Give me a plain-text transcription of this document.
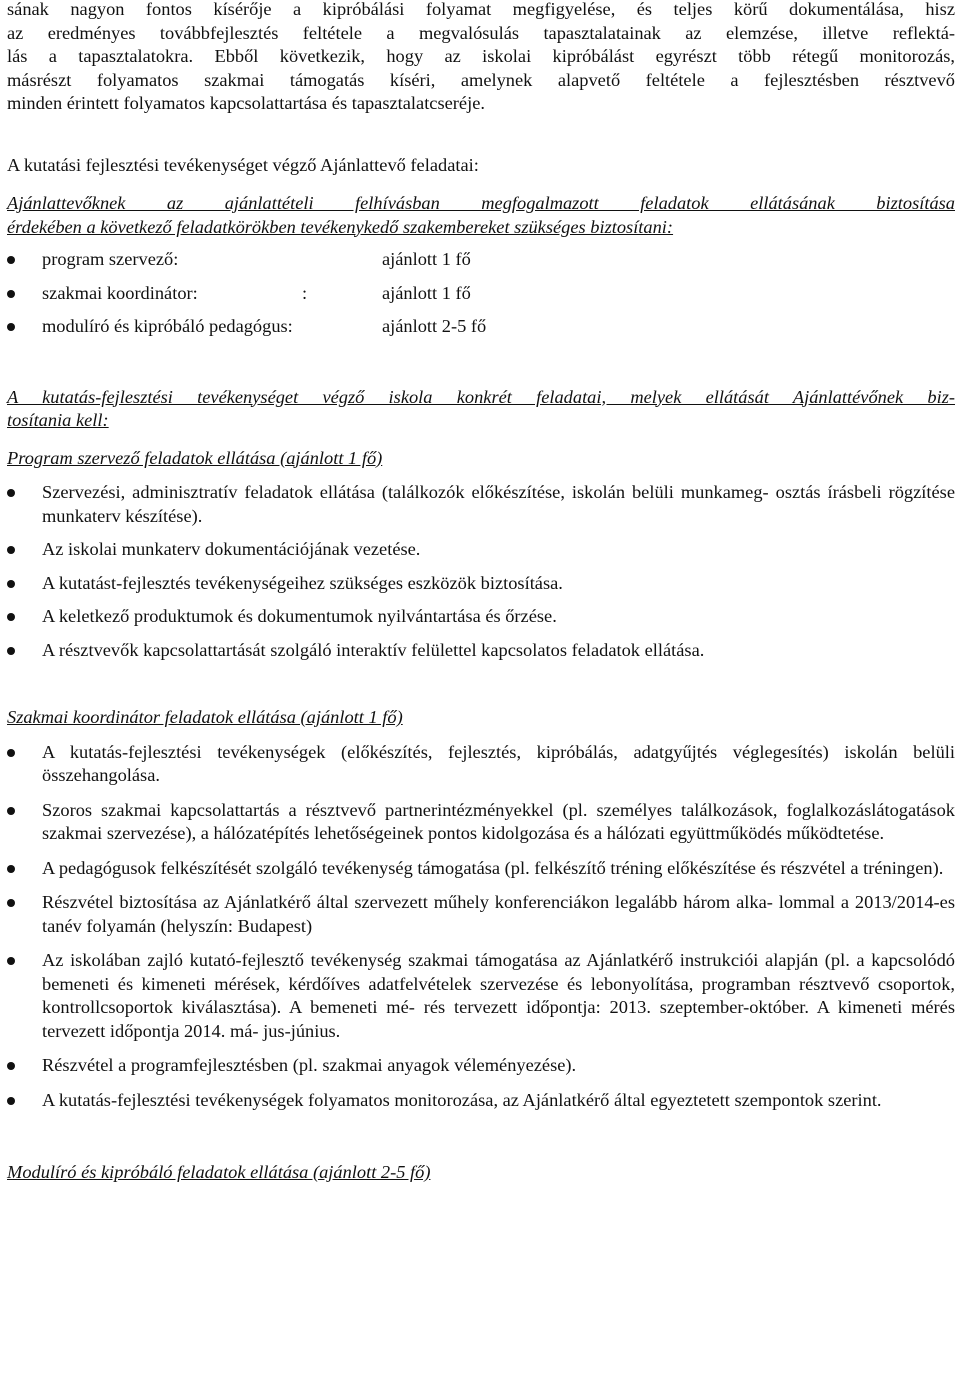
sának nagyon fontos kísérője a kipróbálási folyamat megfigyelése, és teljes körű dokumentálása, hisz

az eredményes továbbfejlesztés feltétele a megvalósulás tapasztalatainak az elemzése, illetve reflektá-

lás a tapasztalatokra. Ebből következik, hogy az iskolai kipróbálást egyrészt több rétegű monitorozás,

másrészt folyamatos szakmai támogatás kíséri, amelynek alapvető feltétele a fejlesztésben résztvevő

minden érintett folyamatos kapcsolattartása és tapasztalatcseréje.

A kutatási fejlesztési tevékenységet végző Ajánlattevő feladatai:

Ajánlattevőknek az ajánlattételi felhívásban megfogalmazott feladatok ellátásának biztosítása

érdekében a következő feladatkörökben tevékenykedő szakembereket szükséges biztosítani:

program szervező:	ajánlott 1 fő
szakmai koordinátor:	:	ajánlott 1 fő
modulíró és kipróbáló pedagógus:	ajánlott 2-5 fő

A kutatás-fejlesztési tevékenységet végző iskola konkrét feladatai, melyek ellátását Ajánlattévőnek biz-

tosítania kell:

Program szervező feladatok ellátása (ajánlott 1 fő)

Szervezési, adminisztratív feladatok ellátása (találkozók előkészítése, iskolán belüli munkameg- osztás írásbeli rögzítése munkaterv készítése).
Az iskolai munkaterv dokumentációjának vezetése.
A kutatást-fejlesztés tevékenységeihez szükséges eszközök biztosítása.
A keletkező produktumok és dokumentumok nyilvántartása és őrzése.
A résztvevők kapcsolattartását szolgáló interaktív felülettel kapcsolatos feladatok ellátása.

Szakmai koordinátor feladatok ellátása (ajánlott 1 fő)

A kutatás-fejlesztési tevékenységek (előkészítés, fejlesztés, kipróbálás, adatgyűjtés véglegesítés) iskolán belüli összehangolása.
Szoros szakmai kapcsolattartás a résztvevő partnerintézményekkel (pl. személyes találkozások, foglalkozáslátogatások szakmai szervezése), a hálózatépítés lehetőségeinek pontos kidolgozása és a hálózati együttműködés működtetése.
A pedagógusok felkészítését szolgáló tevékenység támogatása (pl. felkészítő tréning előkészítése és részvétel a tréningen).
Részvétel biztosítása az Ajánlatkérő által szervezett műhely konferenciákon legalább három alka- lommal a 2013/2014-es tanév folyamán (helyszín: Budapest)
Az iskolában zajló kutató-fejlesztő tevékenység szakmai támogatása az Ajánlatkérő instrukciói alapján (pl. a kapcsolódó bemeneti és kimeneti mérések, kérdőíves adatfelvételek szervezése és lebonyolítása, programban résztvevő csoportok, kontrollcsoportok kiválasztása). A bemeneti mé- rés tervezett időpontja: 2013. szeptember-október. A kimeneti mérés tervezett időpontja 2014. má- jus-június.
Részvétel a programfejlesztésben (pl. szakmai anyagok véleményezése).
A kutatás-fejlesztési tevékenységek folyamatos monitorozása, az Ajánlatkérő által egyeztetett szempontok szerint.

Modulíró és kipróbáló feladatok ellátása (ajánlott 2-5 fő)
